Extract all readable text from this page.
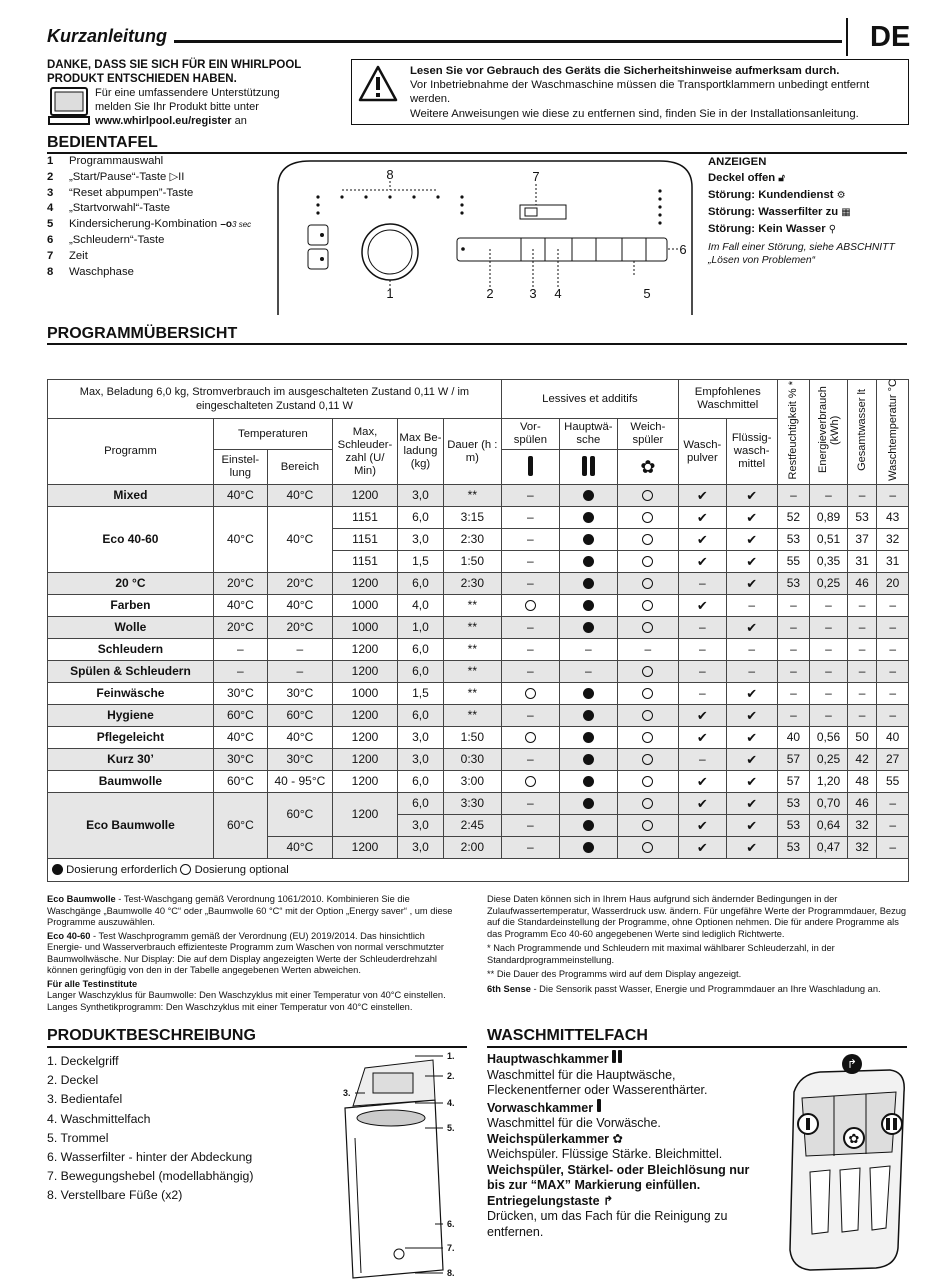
Kurzanleitung	DE
DANKE, DASS SIE SICH FÜR EIN WHIRLPOOL PRODUKT ENTSCHIEDEN HABEN.
Für eine umfassendere Unterstützung melden Sie Ihr Produkt bitte unter www.whirlpool.eu/register an
Lesen Sie vor Gebrauch des Geräts die Sicherheitshinweise aufmerksam durch.
Vor Inbetriebnahme der Waschmaschine müssen die Transportklammern unbedingt entfernt werden.
Weitere Anweisungen wie diese zu entfernen sind, finden Sie in der Installationsanleitung.
BEDIENTAFEL
1 Programmauswahl
2 „Start/Pause“-Taste ▷II
3 “Reset abpumpen”-Taste
4 „Startvorwahl“-Taste
5 Kindersicherung-Kombination –o3 sec
6 „Schleudern“-Taste
7 Zeit
8 Waschphase
1	2	3 4	5
6
7
8
ANZEIGEN
Deckel offen 🔓︎
Störung: Kundendienst ⚙
Störung: Wasserfilter zu ▦
Störung: Kein Wasser ⚲
Im Fall einer Störung, siehe ABSCHNITT „Lösen von Problemen“
PROGRAMMÜBERSICHT
Max, Beladung 6,0 kg, Stromverbrauch im ausgeschalteten Zustand 0,11 W / im eingeschalteten Zustand 0,11 W						Lessives et additifs			Empfohlenes Waschmittel		Restfeuchtigkeit % *	Energieverbrauch (kWh)	Gesamtwasser lt	Waschtemperatur °C
Programm	Temperaturen		Max, Schleuder- zahl (U/ Min)	Max Be- ladung (kg)	Dauer (h : m)	Vor- spülen	Hauptwä- sche	Weich- spüler	Wasch- pulver	Flüssig- wasch- mittel				
	Einstel- lung	Bereich						✿						
Mixed	40°C	40°C	1200	3,0	**	–			✔	✔	–	–	–	–
Eco 40-60	40°C	40°C	1151	6,0	3:15	–			✔	✔	52	0,89	53	43
			1151	3,0	2:30	–			✔	✔	53	0,51	37	32
			1151	1,5	1:50	–			✔	✔	55	0,35	31	31
20 °C	20°C	20°C	1200	6,0	2:30	–			–	✔	53	0,25	46	20
Farben	40°C	40°C	1000	4,0	**				✔	–	–	–	–	–
Wolle	20°C	20°C	1000	1,0	**	–			–	✔	–	–	–	–
Schleudern	–	–	1200	6,0	**	–	–	–	–	–	–	–	–	–
Spülen & Schleudern	–	–	1200	6,0	**	–	–		–	–	–	–	–	–
Feinwäsche	30°C	30°C	1000	1,5	**				–	✔	–	–	–	–
Hygiene	60°C	60°C	1200	6,0	**	–			✔	✔	–	–	–	–
Pflegeleicht	40°C	40°C	1200	3,0	1:50				✔	✔	40	0,56	50	40
Kurz 30’	30°C	30°C	1200	3,0	0:30	–			–	✔	57	0,25	42	27
Baumwolle	60°C	40 - 95°C	1200	6,0	3:00				✔	✔	57	1,20	48	55
Eco Baumwolle	60°C	60°C	1200	6,0	3:30	–			✔	✔	53	0,70	46	–
				3,0	2:45	–			✔	✔	53	0,64	32	–
		40°C	1200	3,0	2:00	–			✔	✔	53	0,47	32	–
Dosierung erforderlich Dosierung optional														
Eco Baumwolle - Test-Waschgang gemäß Verordnung 1061/2010. Kombinieren Sie die Waschgänge „Baumwolle 40 °C“ oder „Baumwolle 60 °C“ mit der Option „Energy saver“ , um diese Programme auszuwählen.
Eco 40-60 - Test Waschprogramm gemäß der Verordnung (EU) 2019/2014. Das hinsichtlich Energie- und Wasserverbrauch effizienteste Programm zum Waschen von normal verschmutzter Baumwollwäsche. Nur Display: Die auf dem Display angezeigten Werte der Schleuderdrehzahl können geringfügig von den in der Tabelle angegebenen Werten abweichen.
Für alle Testinstitute
Langer Waschzyklus für Baumwolle: Den Waschzyklus mit einer Temperatur von 40°C einstellen.
Langes Synthetikprogramm: Den Waschzyklus mit einer Temperatur von 40°C einstellen.
Diese Daten können sich in Ihrem Haus aufgrund sich ändernder Bedingungen in der Zulaufwassertemperatur, Wasserdruck usw. ändern. Für ungefähre Werte der Programmdauer, Bezug auf die Standardeinstellung der Programme, ohne Optionen nehmen. Die für andere Programme als das Programm Eco 40-60 angegebenen Werte sind lediglich Richtwerte.
* Nach Programmende und Schleudern mit maximal wählbarer Schleuderzahl, in der Standardprogrammeinstellung.
** Die Dauer des Programms wird auf dem Display angezeigt.
6th Sense - Die Sensorik passt Wasser, Energie und Programmdauer an Ihre Waschladung an.
PRODUKTBESCHREIBUNG
1. Deckelgriff
2. Deckel
3. Bedientafel
4. Waschmittelfach
5. Trommel
6. Wasserfilter - hinter der Abdeckung
7. Bewegungshebel (modellabhängig)
8. Verstellbare Füße (x2)
1.
2.
3.
4.
5.
6.
7.
8.
WASCHMITTELFACH
Hauptwaschkammer
Waschmittel für die Hauptwäsche, Fleckenentferner oder Wasserenthärter.
Vorwaschkammer
Waschmittel für die Vorwäsche.
Weichspülerkammer ✿
Weichspüler. Flüssige Stärke. Bleichmittel.
Weichspüler, Stärkel- oder Bleichlösung nur bis zur “MAX” Markierung einfüllen.
Entriegelungstaste ↱
Drücken, um das Fach für die Reinigung zu entfernen.
↱
✿
